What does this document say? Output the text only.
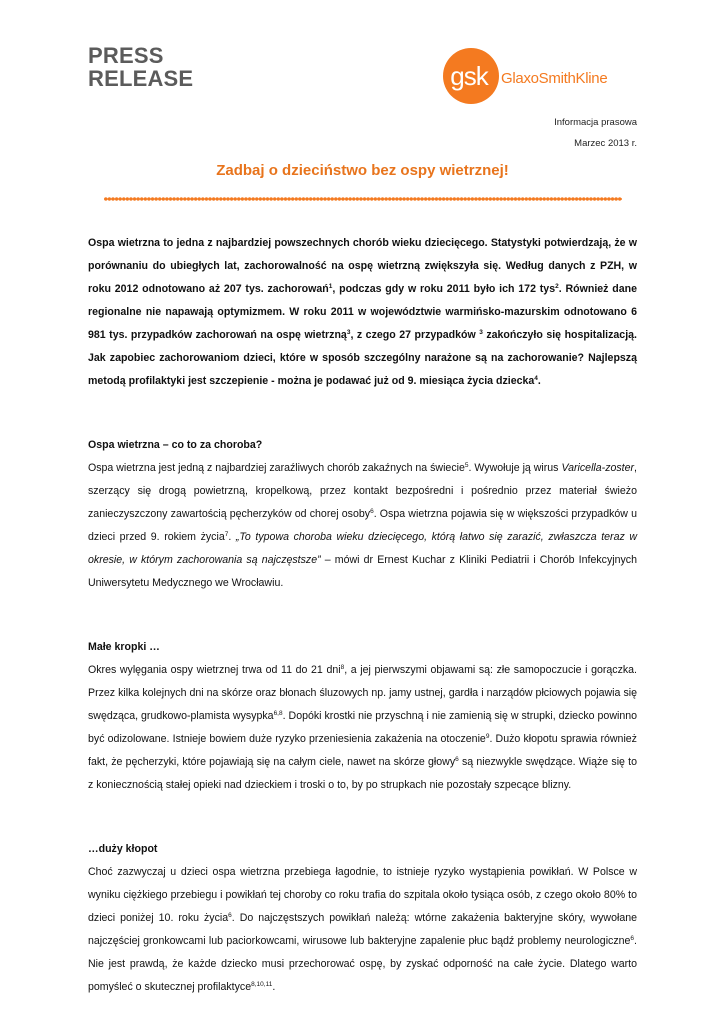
PRESS
RELEASE	gsk GlaxoSmithKline
Informacja prasowa
Marzec 2013 r.
Zadbaj o dzieciństwo bez ospy wietrznej!

Ospa wietrzna to jedna z najbardziej powszechnych chorób wieku dziecięcego. Statystyki potwierdzają, że w porównaniu do ubiegłych lat, zachorowalność na ospę wietrzną zwiększyła się. Według danych z PZH, w roku 2012 odnotowano aż 207 tys. zachorowań$^1$, podczas gdy w roku 2011 było ich 172 tys$^2$. Również dane regionalne nie napawają optymizmem. W roku 2011 w województwie warmińsko-mazurskim odnotowano 6 981 tys. przypadków zachorowań na ospę wietrzną$^3$, z czego 27 przypadków $^3$ zakończyło się hospitalizacją. Jak zapobiec zachorowaniom dzieci, które w sposób szczególny narażone są na zachorowanie? Najlepszą metodą profilaktyki jest szczepienie - można je podawać już od 9. miesiąca życia dziecka$^4$.

Ospa wietrzna – co to za choroba?

Ospa wietrzna jest jedną z najbardziej zaraźliwych chorób zakaźnych na świecie$^5$. Wywołuje ją wirus Varicella-zoster, szerzący się drogą powietrzną, kropelkową, przez kontakt bezpośredni i pośrednio przez materiał świeżo zanieczyszczony zawartością pęcherzyków od chorej osoby$^6$. Ospa wietrzna pojawia się w większości przypadków u dzieci przed 9. rokiem życia$^7$. „To typowa choroba wieku dziecięcego, którą łatwo się zarazić, zwłaszcza teraz w okresie, w którym zachorowania są najczęstsze” – mówi dr Ernest Kuchar z Kliniki Pediatrii i Chorób Infekcyjnych Uniwersytetu Medycznego we Wrocławiu.

Małe kropki …

Okres wylęgania ospy wietrznej trwa od 11 do 21 dni$^8$, a jej pierwszymi objawami są: złe samopoczucie i gorączka. Przez kilka kolejnych dni na skórze oraz błonach śluzowych np. jamy ustnej, gardła i narządów płciowych pojawia się swędząca, grudkowo-plamista wysypka$^{6,8}$. Dopóki krostki nie przyschną i nie zamienią się w strupki, dziecko powinno być odizolowane. Istnieje bowiem duże ryzyko przeniesienia zakażenia na otoczenie$^9$. Dużo kłopotu sprawia również fakt, że pęcherzyki, które pojawiają się na całym ciele, nawet na skórze głowy$^6$ są niezwykle swędzące. Wiąże się to z koniecznością stałej opieki nad dzieckiem i troski o to, by po strupkach nie pozostały szpecące blizny.

…duży kłopot

Choć zazwyczaj u dzieci ospa wietrzna przebiega łagodnie, to istnieje ryzyko wystąpienia powikłań. W Polsce w wyniku ciężkiego przebiegu i powikłań tej choroby co roku trafia do szpitala około tysiąca osób, z czego około 80% to dzieci poniżej 10. roku życia$^6$. Do najczęstszych powikłań należą: wtórne zakażenia bakteryjne skóry, wywołane najczęściej gronkowcami lub paciorkowcami, wirusowe lub bakteryjne zapalenie płuc bądź problemy neurologiczne$^6$. Nie jest prawdą, że każde dziecko musi przechorować ospę, by zyskać odporność na całe życie. Dlatego warto pomyśleć o skutecznej profilaktyce$^{8,10,11}$.
